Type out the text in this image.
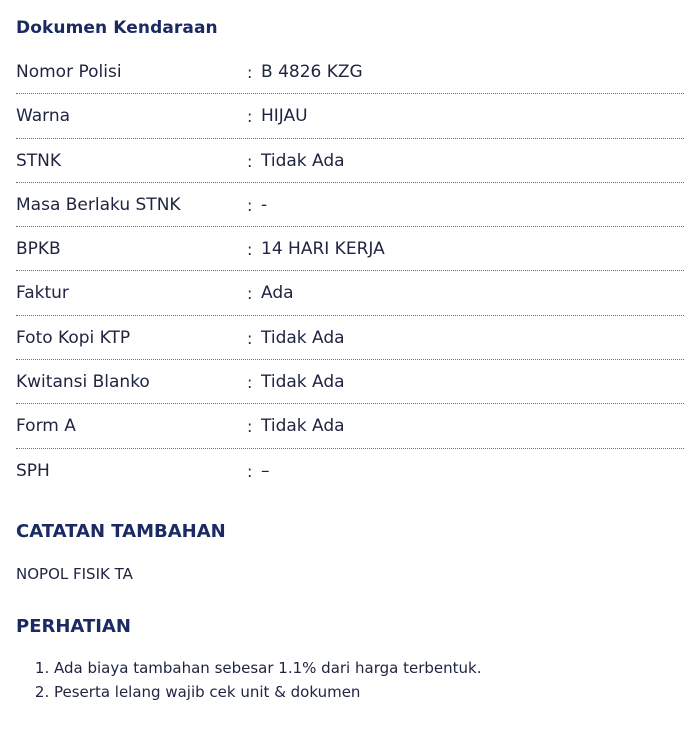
Dokumen Kendaraan
Nomor Polisi	: B 4826 KZG
Warna	: HIJAU
STNK	: Tidak Ada
Masa Berlaku STNK	: -
BPKB	: 14 HARI KERJA
Faktur	: Ada
Foto Kopi KTP	: Tidak Ada
Kwitansi Blanko	: Tidak Ada
Form A	: Tidak Ada
SPH	: –
CATATAN TAMBAHAN

NOPOL FISIK TA

PERHATIAN
1. Ada biaya tambahan sebesar 1.1% dari harga terbentuk.
2. Peserta lelang wajib cek unit & dokumen
